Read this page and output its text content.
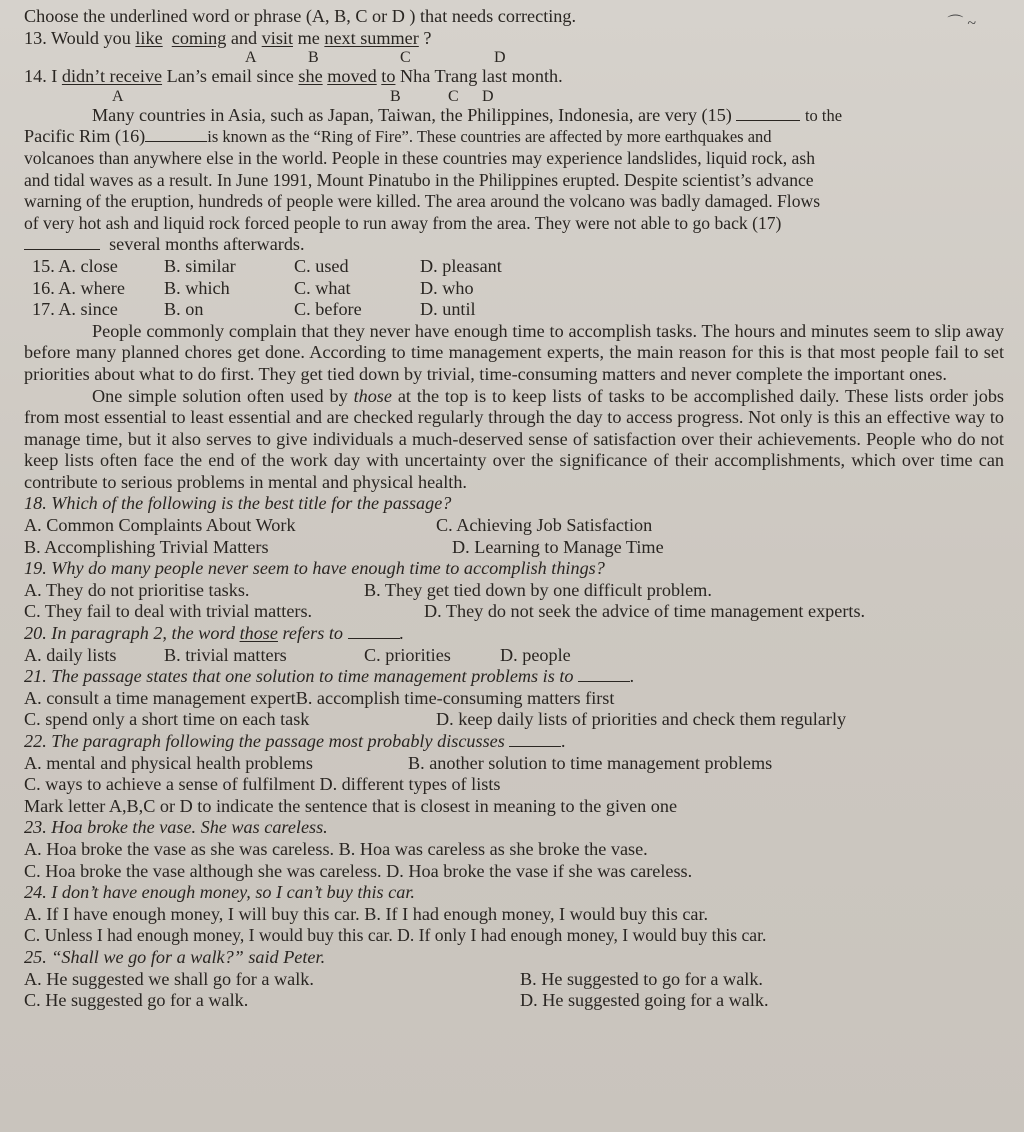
⌒ ~
Choose the underlined word or phrase (A, B, C or D ) that needs correcting.
13. Would you like coming and visit me next summer ?
A	B	C	D
14. I didn’t receive Lan’s email since she moved to Nha Trang last month.
A	B	C D
Many countries in Asia, such as Japan, Taiwan, the Philippines, Indonesia, are very (15)	to the
Pacific Rim (16)	is known as the “Ring of Fire”. These countries are affected by more earthquakes and
volcanoes than anywhere else in the world. People in these countries may experience landslides, liquid rock, ash
and tidal waves as a result. In June 1991, Mount Pinatubo in the Philippines erupted. Despite scientist’s advance
warning of the eruption, hundreds of people were killed. The area around the volcano was badly damaged. Flows
of very hot ash and liquid rock forced people to run away from the area. They were not able to go back (17)
several months afterwards.
15. A. close	B. similar	C. used	D. pleasant
16. A. where	B. which	C. what	D. who
17. A. since	B. on	C. before	D. until
People commonly complain that they never have enough time to accomplish tasks. The hours and minutes seem to slip away before many planned chores get done. According to time management experts, the main reason for this is that most people fail to set priorities about what to do first. They get tied down by trivial, time-consuming matters and never complete the important ones.
One simple solution often used by those at the top is to keep lists of tasks to be accomplished daily. These lists order jobs from most essential to least essential and are checked regularly through the day to access progress. Not only is this an effective way to manage time, but it also serves to give individuals a much-deserved sense of satisfaction over their achievements. People who do not keep lists often face the end of the work day with uncertainty over the significance of their accomplishments, which over time can contribute to serious problems in mental and physical health.
18. Which of the following is the best title for the passage?
A. Common Complaints About Work	C. Achieving Job Satisfaction
B. Accomplishing Trivial Matters	D. Learning to Manage Time
19. Why do many people never seem to have enough time to accomplish things?
A. They do not prioritise tasks.	B. They get tied down by one difficult problem.
C. They fail to deal with trivial matters.	D. They do not seek the advice of time management experts.
20. In paragraph 2, the word those refers to	.
A. daily lists	B. trivial matters	C. priorities	D. people
21. The passage states that one solution to time management problems is to	.
A. consult a time management expertB. accomplish time-consuming matters first
C. spend only a short time on each task	D. keep daily lists of priorities and check them regularly
22. The paragraph following the passage most probably discusses	.
A. mental and physical health problems	B. another solution to time management problems
C. ways to achieve a sense of fulfilment D. different types of lists
Mark letter A,B,C or D to indicate the sentence that is closest in meaning to the given one
23. Hoa broke the vase. She was careless.
A. Hoa broke the vase as she was careless. B. Hoa was careless as she broke the vase.
C. Hoa broke the vase although she was careless. D. Hoa broke the vase if she was careless.
24. I don’t have enough money, so I can’t buy this car.
A. If I have enough money, I will buy this car. B. If I had enough money, I would buy this car.
C. Unless I had enough money, I would buy this car. D. If only I had enough money, I would buy this car.
25. “Shall we go for a walk?” said Peter.
A. He suggested we shall go for a walk.	B. He suggested to go for a walk.
C. He suggested go for a walk.	D. He suggested going for a walk.
